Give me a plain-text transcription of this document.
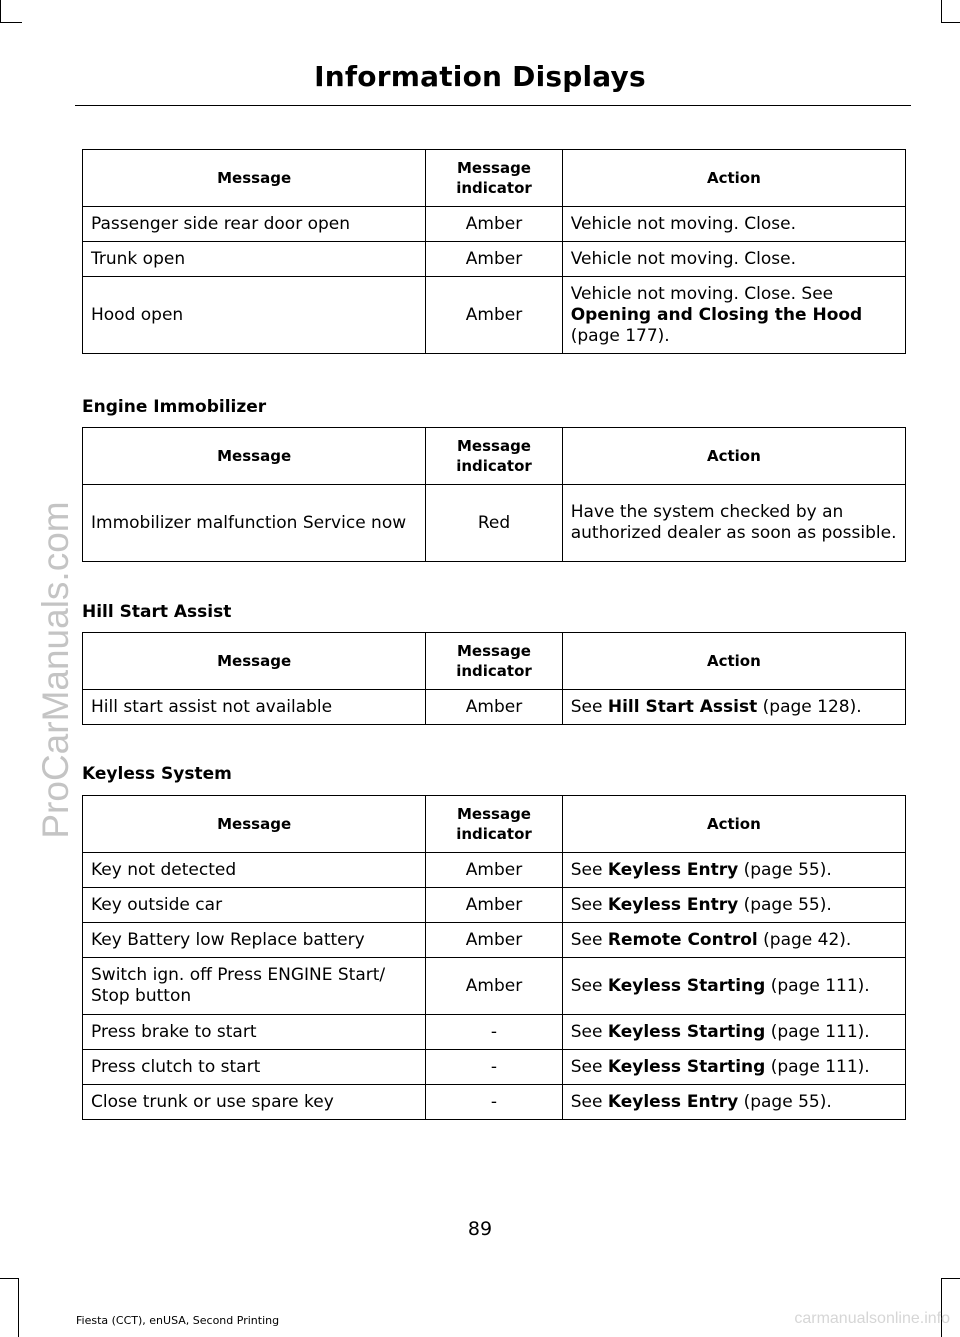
ProCarManuals.com
Information Displays
Message	Message indicator	Action
Passenger side rear door open	Amber	Vehicle not moving. Close.
Trunk open	Amber	Vehicle not moving. Close.
Hood open	Amber	Vehicle not moving. Close. See Opening and Closing the Hood (page 177).
Engine Immobilizer
Message	Message indicator	Action
Immobilizer malfunction Service now	Red	Have the system checked by an authorized dealer as soon as possible.
Hill Start Assist
Message	Message indicator	Action
Hill start assist not available	Amber	See Hill Start Assist (page 128).
Keyless System
Message	Message indicator	Action
Key not detected	Amber	See Keyless Entry (page 55).
Key outside car	Amber	See Keyless Entry (page 55).
Key Battery low Replace battery	Amber	See Remote Control (page 42).
Switch ign. off Press ENGINE Start/ Stop button	Amber	See Keyless Starting (page 111).
Press brake to start	-	See Keyless Starting (page 111).
Press clutch to start	-	See Keyless Starting (page 111).
Close trunk or use spare key	-	See Keyless Entry (page 55).
89
Fiesta (CCT), enUSA, Second Printing	carmanualsonline.info
